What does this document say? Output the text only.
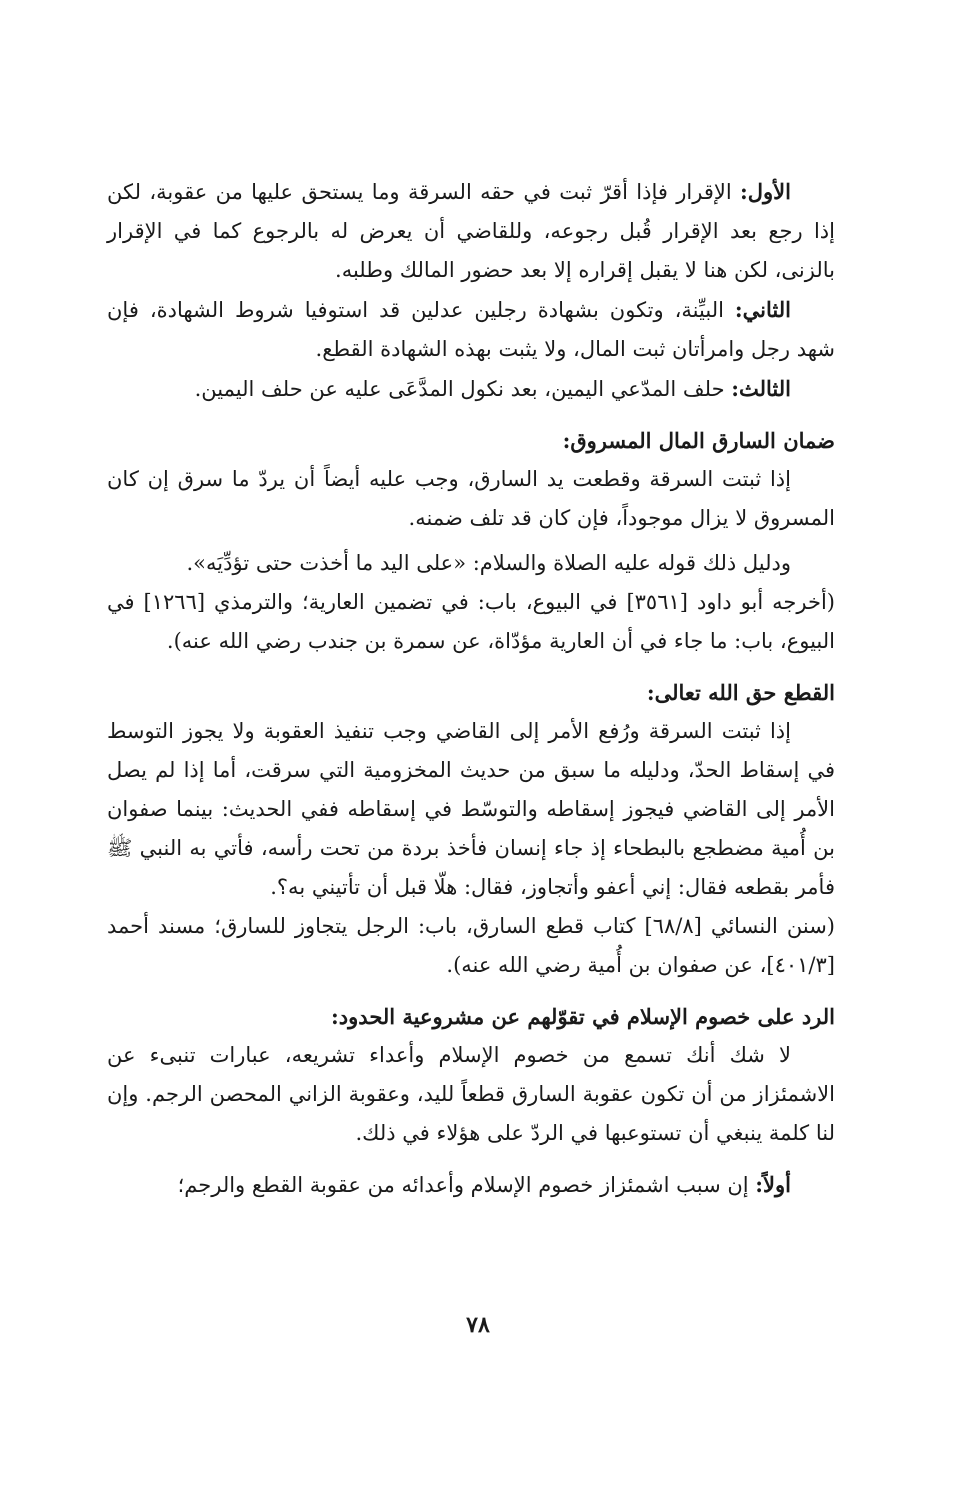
الأول: الإقرار فإذا أقرّ ثبت في حقه السرقة وما يستحق عليها من عقوبة، لكن إذا رجع بعد الإقرار قُبل رجوعه، وللقاضي أن يعرض له بالرجوع كما في الإقرار بالزنى، لكن هنا لا يقبل إقراره إلا بعد حضور المالك وطلبه.

الثاني: البيِّنة، وتكون بشهادة رجلين عدلين قد استوفيا شروط الشهادة، فإن شهد رجل وامرأتان ثبت المال، ولا يثبت بهذه الشهادة القطع.

الثالث: حلف المدّعي اليمين، بعد نكول المدَّعَى عليه عن حلف اليمين.

ضمان السارق المال المسروق:

إذا ثبتت السرقة وقطعت يد السارق، وجب عليه أيضاً أن يردّ ما سرق إن كان المسروق لا يزال موجوداً، فإن كان قد تلف ضمنه.

ودليل ذلك قوله عليه الصلاة والسلام: «على اليد ما أخذت حتى تؤدِّيَه».

(أخرجه أبو داود [٣٥٦١] في البيوع، باب: في تضمين العارية؛ والترمذي [١٢٦٦] في البيوع، باب: ما جاء في أن العارية مؤدّاة، عن سمرة بن جندب رضي الله عنه).

القطع حق الله تعالى:

إذا ثبتت السرقة ورُفع الأمر إلى القاضي وجب تنفيذ العقوبة ولا يجوز التوسط في إسقاط الحدّ، ودليله ما سبق من حديث المخزومية التي سرقت، أما إذا لم يصل الأمر إلى القاضي فيجوز إسقاطه والتوسّط في إسقاطه ففي الحديث: بينما صفوان بن أُمية مضطجع بالبطحاء إذ جاء إنسان فأخذ بردة من تحت رأسه، فأتي به النبي ﷺ فأمر بقطعه فقال: إني أعفو وأتجاوز، فقال: هلّا قبل أن تأتيني به؟.

(سنن النسائي [٦٨/٨] كتاب قطع السارق، باب: الرجل يتجاوز للسارق؛ مسند أحمد [٤٠١/٣]، عن صفوان بن أُمية رضي الله عنه).

الرد على خصوم الإسلام في تقوّلهم عن مشروعية الحدود:

لا شك أنك تسمع من خصوم الإسلام وأعداء تشريعه، عبارات تنبىء عن الاشمئزاز من أن تكون عقوبة السارق قطعاً لليد، وعقوبة الزاني المحصن الرجم. وإن لنا كلمة ينبغي أن تستوعبها في الردّ على هؤلاء في ذلك.

أولاً: إن سبب اشمئزاز خصوم الإسلام وأعدائه من عقوبة القطع والرجم؛

٧٨
